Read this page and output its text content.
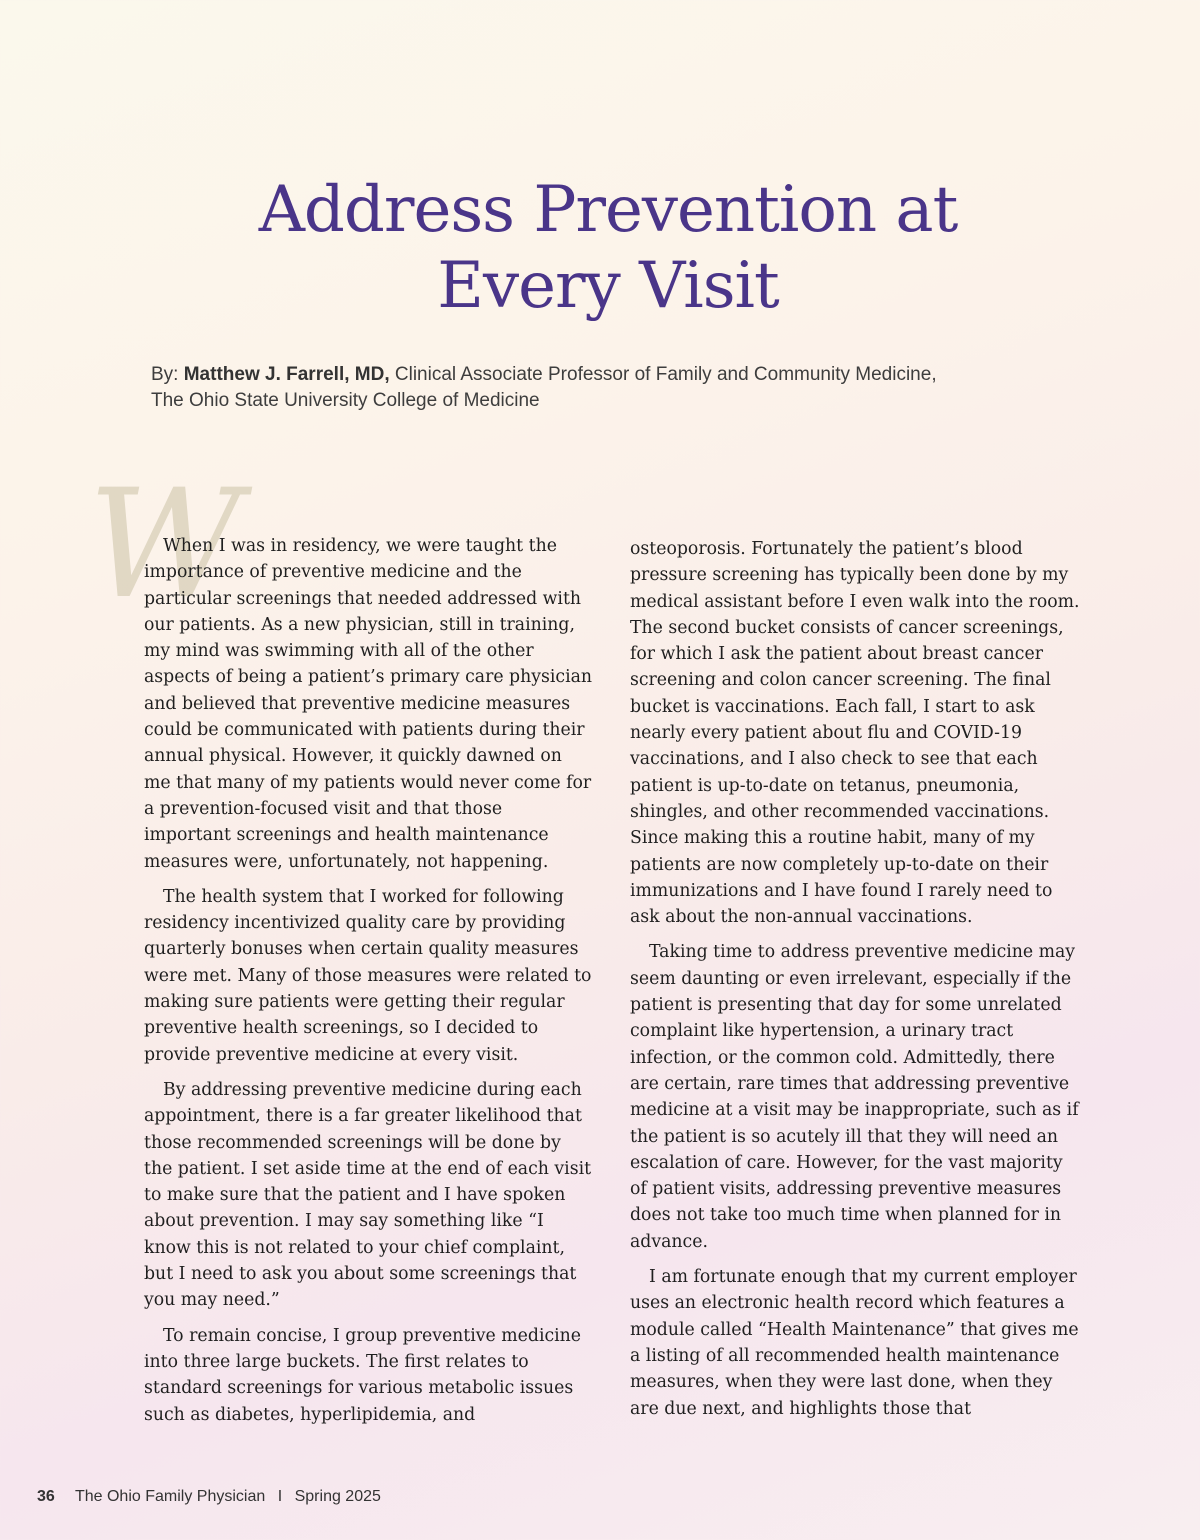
Address Prevention at
Every Visit
By: Matthew J. Farrell, MD, Clinical Associate Professor of Family and Community Medicine,
The Ohio State University College of Medicine
W

When I was in residency, we were taught the importance of preventive medicine and the particular screenings that needed addressed with our patients. As a new physician, still in training, my mind was swimming with all of the other aspects of being a patient’s primary care physician and believed that preventive medicine measures could be communicated with patients during their annual physical. However, it quickly dawned on me that many of my patients would never come for a prevention-focused visit and that those important screenings and health maintenance measures were, unfortunately, not happening.

The health system that I worked for following residency incentivized quality care by providing quarterly bonuses when certain quality measures were met. Many of those measures were related to making sure patients were getting their regular preventive health screenings, so I decided to provide preventive medicine at every visit.

By addressing preventive medicine during each appointment, there is a far greater likelihood that those recommended screenings will be done by the patient. I set aside time at the end of each visit to make sure that the patient and I have spoken about prevention. I may say something like “I know this is not related to your chief complaint, but I need to ask you about some screenings that you may need.”

To remain concise, I group preventive medicine into three large buckets. The first relates to standard screenings for various metabolic issues such as diabetes, hyperlipidemia, and

osteoporosis. Fortunately the patient’s blood pressure screening has typically been done by my medical assistant before I even walk into the room. The second bucket consists of cancer screenings, for which I ask the patient about breast cancer screening and colon cancer screening. The final bucket is vaccinations. Each fall, I start to ask nearly every patient about flu and COVID-19 vaccinations, and I also check to see that each patient is up-to-date on tetanus, pneumonia, shingles, and other recommended vaccinations. Since making this a routine habit, many of my patients are now completely up-to-date on their immunizations and I have found I rarely need to ask about the non-annual vaccinations.

Taking time to address preventive medicine may seem daunting or even irrelevant, especially if the patient is presenting that day for some unrelated complaint like hypertension, a urinary tract infection, or the common cold. Admittedly, there are certain, rare times that addressing preventive medicine at a visit may be inappropriate, such as if the patient is so acutely ill that they will need an escalation of care. However, for the vast majority of patient visits, addressing preventive measures does not take too much time when planned for in advance.

I am fortunate enough that my current employer uses an electronic health record which features a module called “Health Maintenance” that gives me a listing of all recommended health maintenance measures, when they were last done, when they are due next, and highlights those that

36 The Ohio Family Physician I Spring 2025
